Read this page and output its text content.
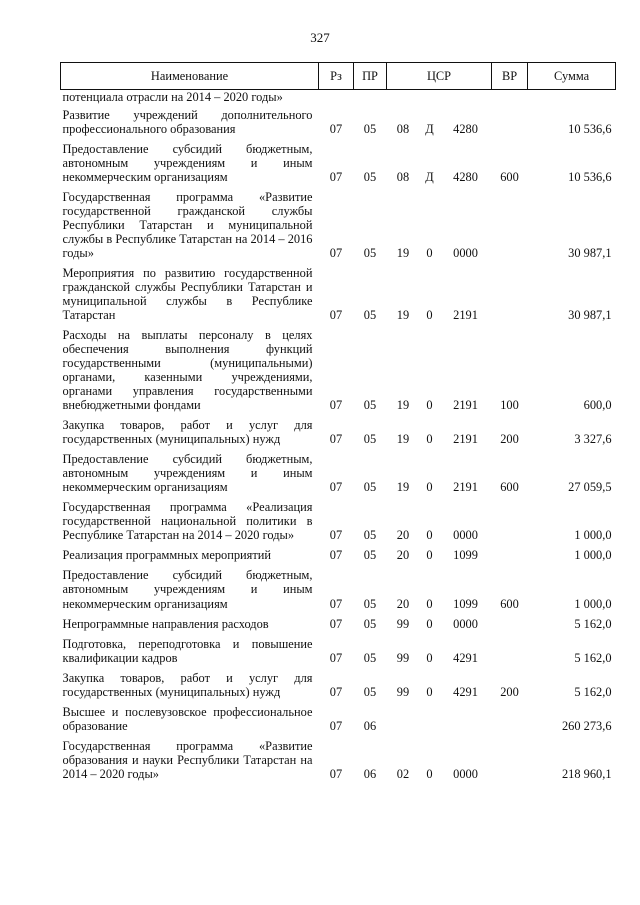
327
Наименование	Рз	ПР	ЦСР			ВР	Сумма
потенциала отрасли на 2014 – 2020 годы»							
Развитие учреждений дополнительного профессионального образования	07	05	08	Д	4280		10 536,6
Предоставление субсидий бюджетным, автономным учреждениям и иным некоммерческим организациям	07	05	08	Д	4280	600	10 536,6
Государственная программа «Развитие государственной гражданской службы Республики Татарстан и муниципальной службы в Республике Татарстан на 2014 – 2016 годы»	07	05	19	0	0000		30 987,1
Мероприятия по развитию государственной гражданской службы Республики Татарстан и муниципальной службы в Республике Татарстан	07	05	19	0	2191		30 987,1
Расходы на выплаты персоналу в целях обеспечения выполнения функций государственными (муниципальными) органами, казенными учреждениями, органами управления государственными внебюджетными фондами	07	05	19	0	2191	100	600,0
Закупка товаров, работ и услуг для государственных (муниципальных) нужд	07	05	19	0	2191	200	3 327,6
Предоставление субсидий бюджетным, автономным учреждениям и иным некоммерческим организациям	07	05	19	0	2191	600	27 059,5
Государственная программа «Реализация государственной национальной политики в Республике Татарстан на 2014 – 2020 годы»	07	05	20	0	0000		1 000,0
Реализация программных мероприятий	07	05	20	0	1099		1 000,0
Предоставление субсидий бюджетным, автономным учреждениям и иным некоммерческим организациям	07	05	20	0	1099	600	1 000,0
Непрограммные направления расходов	07	05	99	0	0000		5 162,0
Подготовка, переподготовка и повышение квалификации кадров	07	05	99	0	4291		5 162,0
Закупка товаров, работ и услуг для государственных (муниципальных) нужд	07	05	99	0	4291	200	5 162,0
Высшее и послевузовское профессиональное образование	07	06					260 273,6
Государственная программа «Развитие образования и науки Республики Татарстан на 2014 – 2020 годы»	07	06	02	0	0000		218 960,1
